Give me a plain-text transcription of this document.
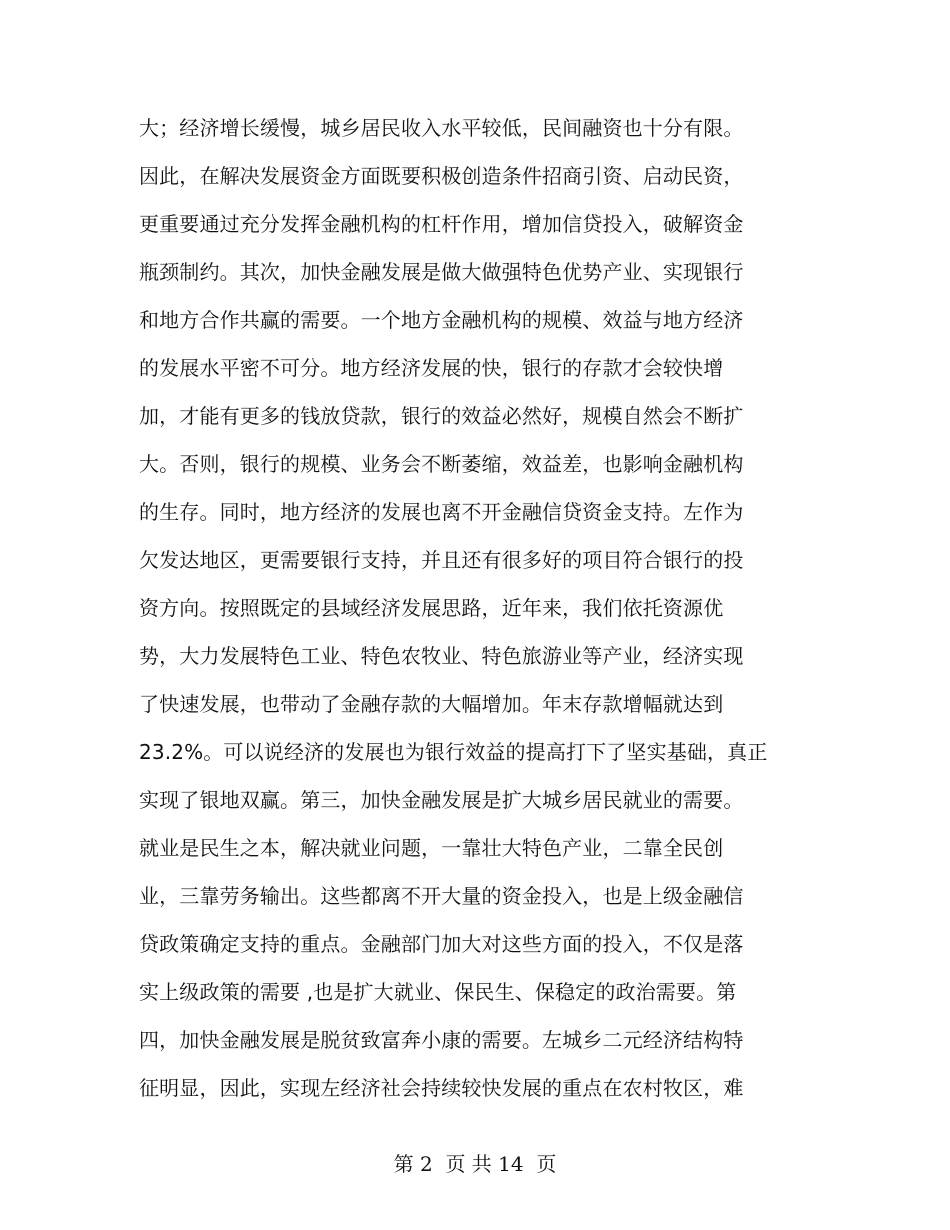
大；经济增长缓慢，城乡居民收入水平较低，民间融资也十分有限。
因此，在解决发展资金方面既要积极创造条件招商引资、启动民资，
更重要通过充分发挥金融机构的杠杆作用，增加信贷投入，破解资金
瓶颈制约。其次，加快金融发展是做大做强特色优势产业、实现银行
和地方合作共赢的需要。一个地方金融机构的规模、效益与地方经济
的发展水平密不可分。地方经济发展的快，银行的存款才会较快增
加，才能有更多的钱放贷款，银行的效益必然好，规模自然会不断扩
大。否则，银行的规模、业务会不断萎缩，效益差，也影响金融机构
的生存。同时，地方经济的发展也离不开金融信贷资金支持。左作为
欠发达地区，更需要银行支持，并且还有很多好的项目符合银行的投
资方向。按照既定的县域经济发展思路，近年来，我们依托资源优
势，大力发展特色工业、特色农牧业、特色旅游业等产业，经济实现
了快速发展，也带动了金融存款的大幅增加。年末存款增幅就达到
23.2%。可以说经济的发展也为银行效益的提高打下了坚实基础，真正
实现了银地双赢。第三，加快金融发展是扩大城乡居民就业的需要。
就业是民生之本，解决就业问题，一靠壮大特色产业，二靠全民创
业，三靠劳务输出。这些都离不开大量的资金投入，也是上级金融信
贷政策确定支持的重点。金融部门加大对这些方面的投入，不仅是落
实上级政策的需要 ,也是扩大就业、保民生、保稳定的政治需要。第
四，加快金融发展是脱贫致富奔小康的需要。左城乡二元经济结构特
征明显，因此，实现左经济社会持续较快发展的重点在农村牧区，难
第 2  页 共 14  页
